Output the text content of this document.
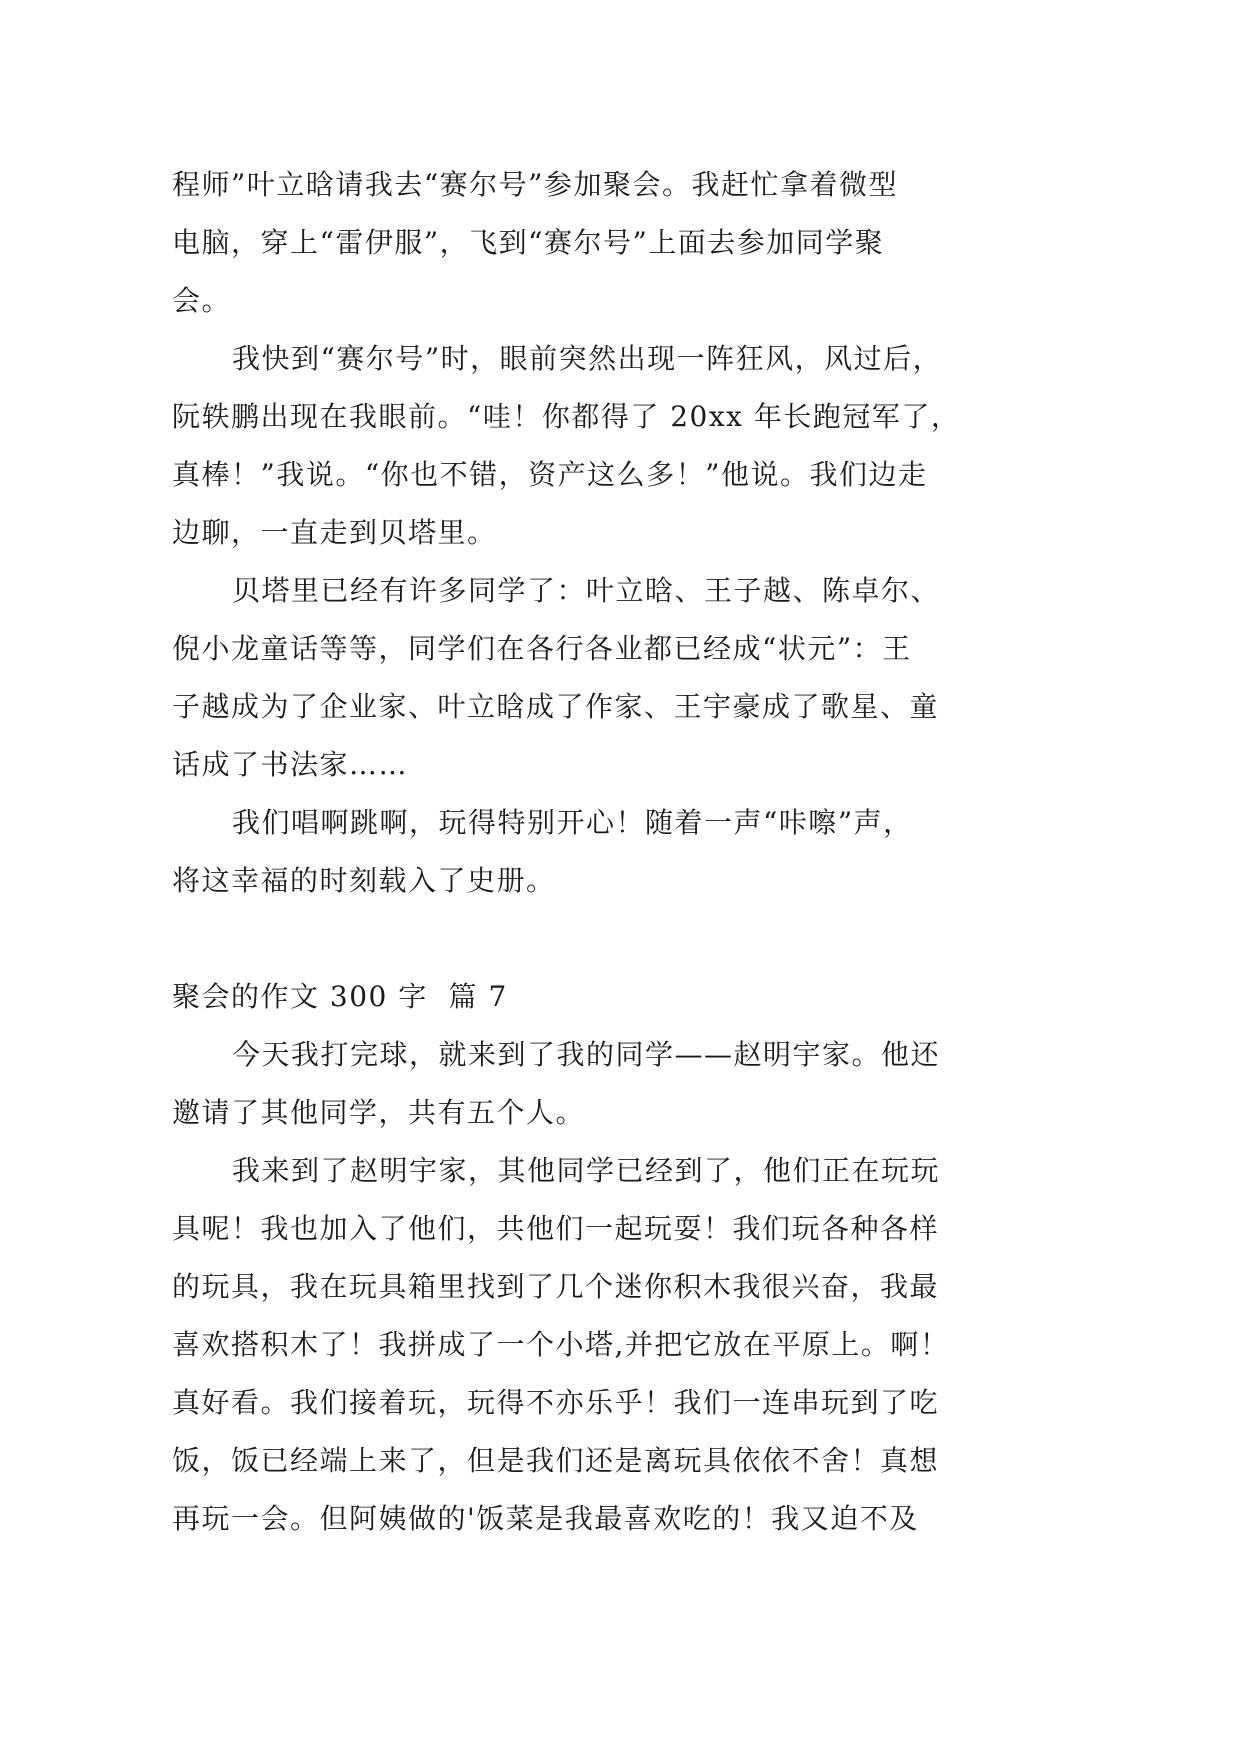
程师”叶立晗请我去“赛尔号”参加聚会。我赶忙拿着微型
电脑，穿上“雷伊服”，飞到“赛尔号”上面去参加同学聚
会。
我快到“赛尔号”时，眼前突然出现一阵狂风，风过后，
阮轶鹏出现在我眼前。“哇！你都得了 20xx 年长跑冠军了，
真棒！”我说。“你也不错，资产这么多！”他说。我们边走
边聊，一直走到贝塔里。
贝塔里已经有许多同学了：叶立晗、王子越、陈卓尔、
倪小龙童话等等，同学们在各行各业都已经成“状元”：王
子越成为了企业家、叶立晗成了作家、王宇豪成了歌星、童
话成了书法家……
我们唱啊跳啊，玩得特别开心！随着一声“咔嚓”声，
将这幸福的时刻载入了史册。
聚会的作文 300 字  篇 7
今天我打完球，就来到了我的同学——赵明宇家。他还
邀请了其他同学，共有五个人。
我来到了赵明宇家，其他同学已经到了，他们正在玩玩
具呢！我也加入了他们，共他们一起玩耍！我们玩各种各样
的玩具，我在玩具箱里找到了几个迷你积木我很兴奋，我最
喜欢搭积木了！我拼成了一个小塔,并把它放在平原上。啊！
真好看。我们接着玩，玩得不亦乐乎！我们一连串玩到了吃
饭，饭已经端上来了，但是我们还是离玩具依依不舍！真想
再玩一会。但阿姨做的'饭菜是我最喜欢吃的！我又迫不及
